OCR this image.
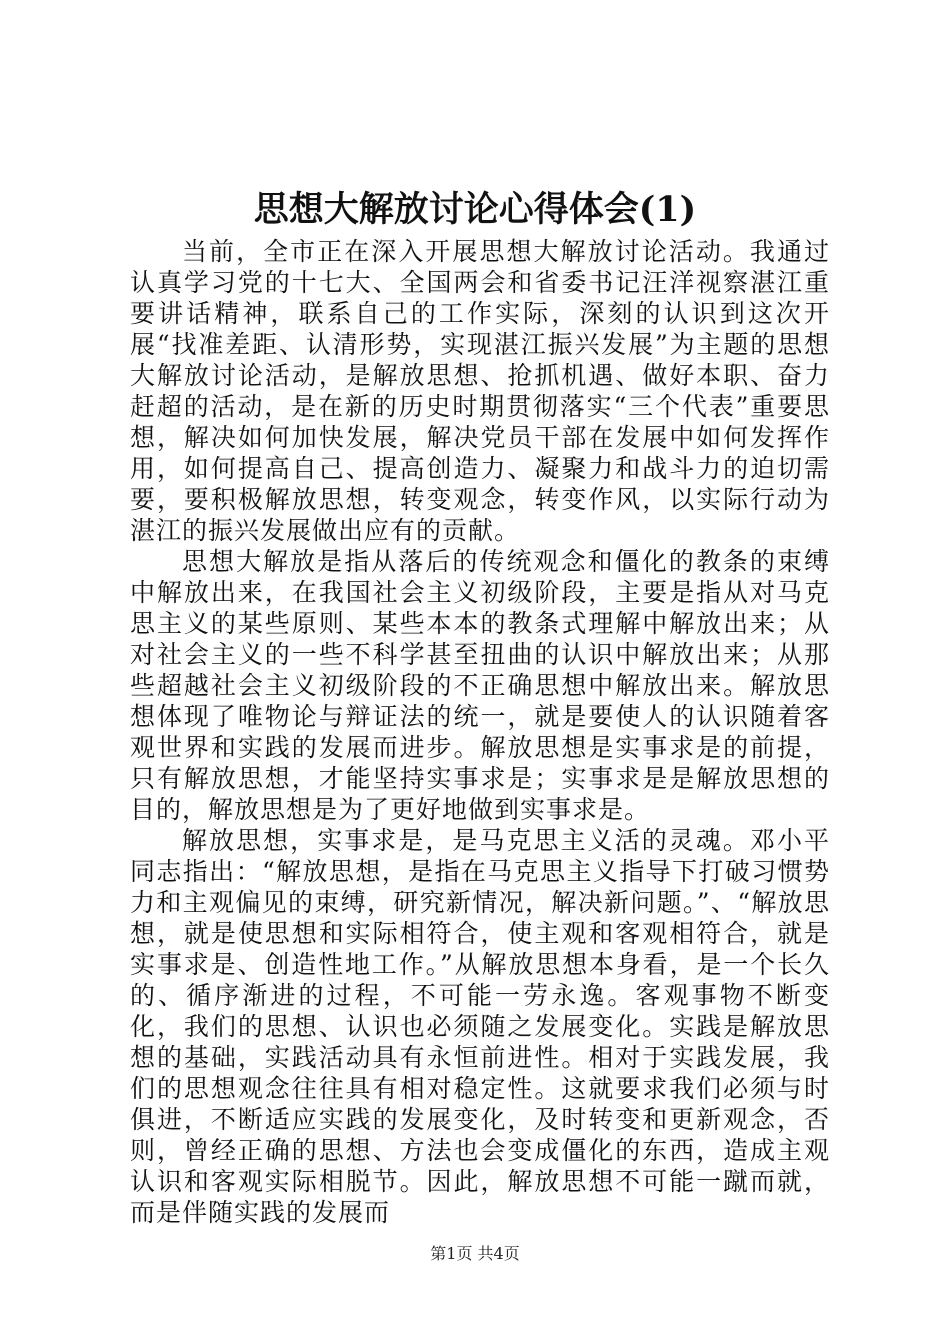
思想大解放讨论心得体会(1)

当前，全市正在深入开展思想大解放讨论活动。我通过认真学习党的十七大、全国两会和省委书记汪洋视察湛江重要讲话精神，联系自己的工作实际，深刻的认识到这次开展“找准差距、认清形势，实现湛江振兴发展”为主题的思想大解放讨论活动，是解放思想、抢抓机遇、做好本职、奋力赶超的活动，是在新的历史时期贯彻落实“三个代表”重要思想，解决如何加快发展，解决党员干部在发展中如何发挥作用，如何提高自己、提高创造力、凝聚力和战斗力的迫切需要，要积极解放思想，转变观念，转变作风，以实际行动为湛江的振兴发展做出应有的贡献。

思想大解放是指从落后的传统观念和僵化的教条的束缚中解放出来，在我国社会主义初级阶段，主要是指从对马克思主义的某些原则、某些本本的教条式理解中解放出来；从对社会主义的一些不科学甚至扭曲的认识中解放出来；从那些超越社会主义初级阶段的不正确思想中解放出来。解放思想体现了唯物论与辩证法的统一，就是要使人的认识随着客观世界和实践的发展而进步。解放思想是实事求是的前提，只有解放思想，才能坚持实事求是；实事求是是解放思想的目的，解放思想是为了更好地做到实事求是。

解放思想，实事求是，是马克思主义活的灵魂。邓小平同志指出：“解放思想，是指在马克思主义指导下打破习惯势力和主观偏见的束缚，研究新情况，解决新问题。”、“解放思想，就是使思想和实际相符合，使主观和客观相符合，就是实事求是、创造性地工作。”从解放思想本身看，是一个长久的、循序渐进的过程，不可能一劳永逸。客观事物不断变化，我们的思想、认识也必须随之发展变化。实践是解放思想的基础，实践活动具有永恒前进性。相对于实践发展，我们的思想观念往往具有相对稳定性。这就要求我们必须与时俱进，不断适应实践的发展变化，及时转变和更新观念，否则，曾经正确的思想、方法也会变成僵化的东西，造成主观认识和客观实际相脱节。因此，解放思想不可能一蹴而就，而是伴随实践的发展而

第1页 共4页
